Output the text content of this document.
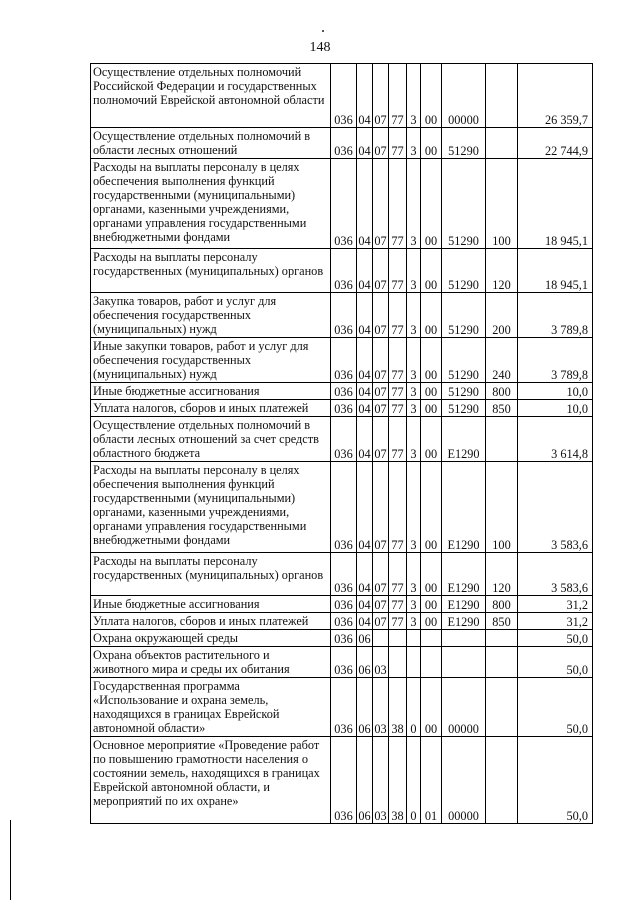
148
Осуществление отдельных полномочий Российской Федерации и государственных полномочий Еврейской автономной области	036	04	07	77	3	00	00000		26 359,7
Осуществление отдельных полномочий в области лесных отношений	036	04	07	77	3	00	51290		22 744,9
Расходы на выплаты персоналу в целях обеспечения выполнения функций государственными (муниципальными) органами, казенными учреждениями, органами управления государственными внебюджетными фондами	036	04	07	77	3	00	51290	100	18 945,1
Расходы на выплаты персоналу государственных (муниципальных) органов	036	04	07	77	3	00	51290	120	18 945,1
Закупка товаров, работ и услуг для обеспечения государственных (муниципальных) нужд	036	04	07	77	3	00	51290	200	3 789,8
Иные закупки товаров, работ и услуг для обеспечения государственных (муниципальных) нужд	036	04	07	77	3	00	51290	240	3 789,8
Иные бюджетные ассигнования	036	04	07	77	3	00	51290	800	10,0
Уплата налогов, сборов и иных платежей	036	04	07	77	3	00	51290	850	10,0
Осуществление отдельных полномочий в области лесных отношений за счет средств областного бюджета	036	04	07	77	3	00	E1290		3 614,8
Расходы на выплаты персоналу в целях обеспечения выполнения функций государственными (муниципальными) органами, казенными учреждениями, органами управления государственными внебюджетными фондами	036	04	07	77	3	00	E1290	100	3 583,6
Расходы на выплаты персоналу государственных (муниципальных) органов	036	04	07	77	3	00	E1290	120	3 583,6
Иные бюджетные ассигнования	036	04	07	77	3	00	E1290	800	31,2
Уплата налогов, сборов и иных платежей	036	04	07	77	3	00	E1290	850	31,2
Охрана окружающей среды	036	06							50,0
Охрана объектов растительного и животного мира и среды их обитания	036	06	03						50,0
Государственная программа «Использование и охрана земель, находящихся в границах Еврейской автономной области»	036	06	03	38	0	00	00000		50,0
Основное мероприятие «Проведение работ по повышению грамотности населения о состоянии земель, находящихся в границах Еврейской автономной области, и мероприятий по их охране»	036	06	03	38	0	01	00000		50,0
